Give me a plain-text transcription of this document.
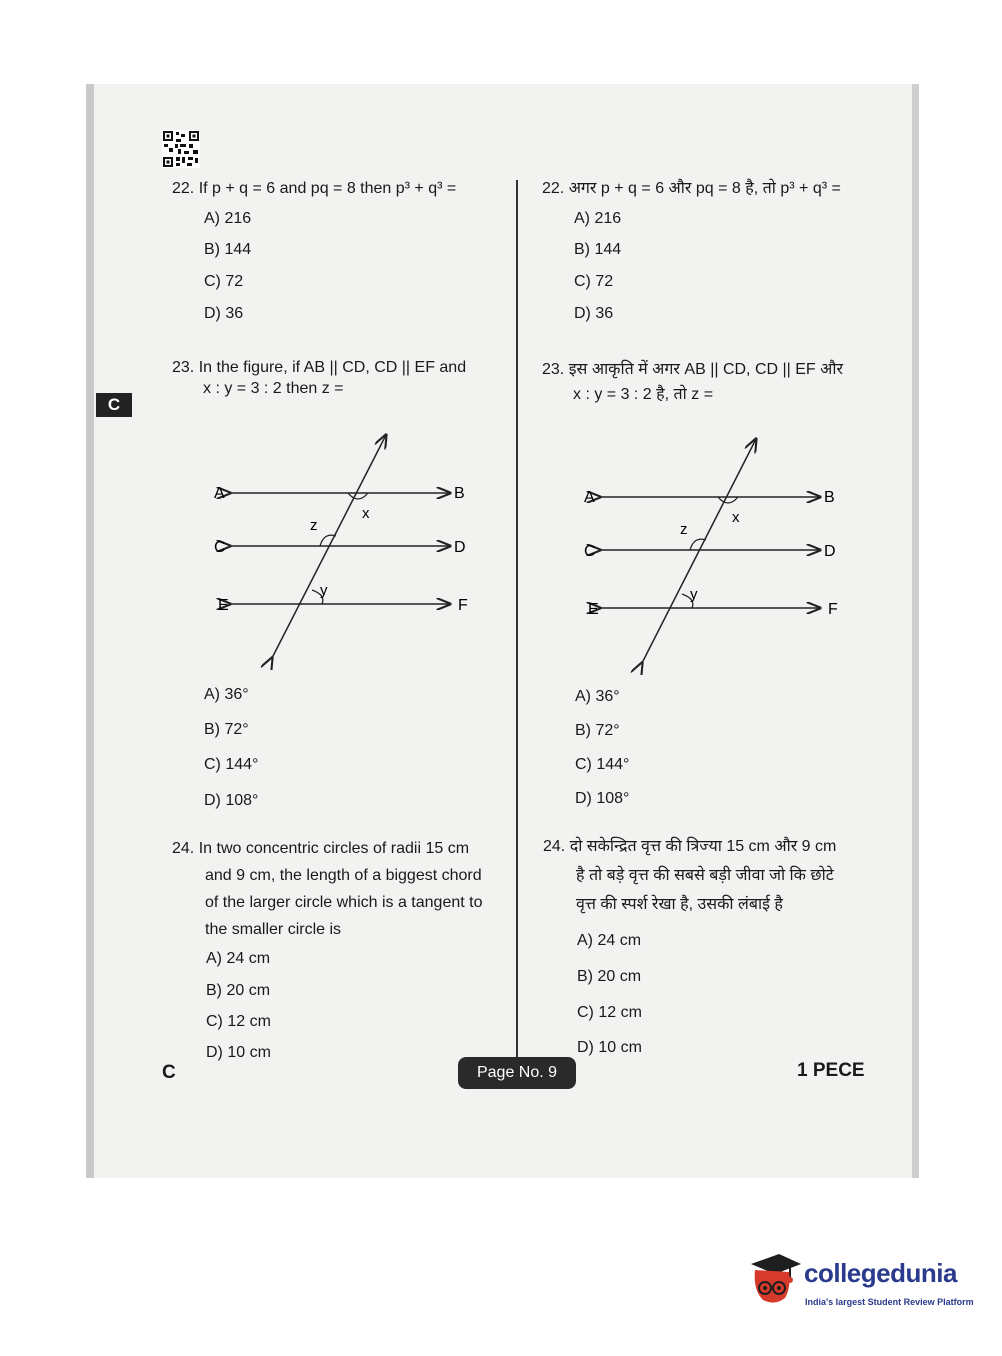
C
22. If p + q = 6 and pq = 8 then p³ + q³ =
A) 216
B) 144
C) 72
D) 36
23. In the figure, if AB || CD, CD || EF and
x : y = 3 : 2 then z =
A	B
C	D
E	F
x
z
y
A) 36°
B) 72°
C) 144°
D) 108°
24. In two concentric circles of radii 15 cm
and 9 cm, the length of a biggest chord
of the larger circle which is a tangent to
the smaller circle is
A) 24 cm
B) 20 cm
C) 12 cm
D) 10 cm
22. अगर p + q = 6 और pq = 8 है, तो p³ + q³ =
A) 216
B) 144
C) 72
D) 36
23. इस आकृति में अगर AB || CD, CD || EF और
x : y = 3 : 2 है, तो z =
A	B
C	D
E	F
x
z
y
A) 36°
B) 72°
C) 144°
D) 108°
24. दो सकेन्द्रित वृत्त की त्रिज्या 15 cm और 9 cm
है तो बड़े वृत्त की सबसे बड़ी जीवा जो कि छोटे
वृत्त की स्पर्श रेखा है, उसकी लंबाई है
A) 24 cm
B) 20 cm
C) 12 cm
D) 10 cm
C	Page No. 9	1 PECE
collegedunia
India's largest Student Review Platform
